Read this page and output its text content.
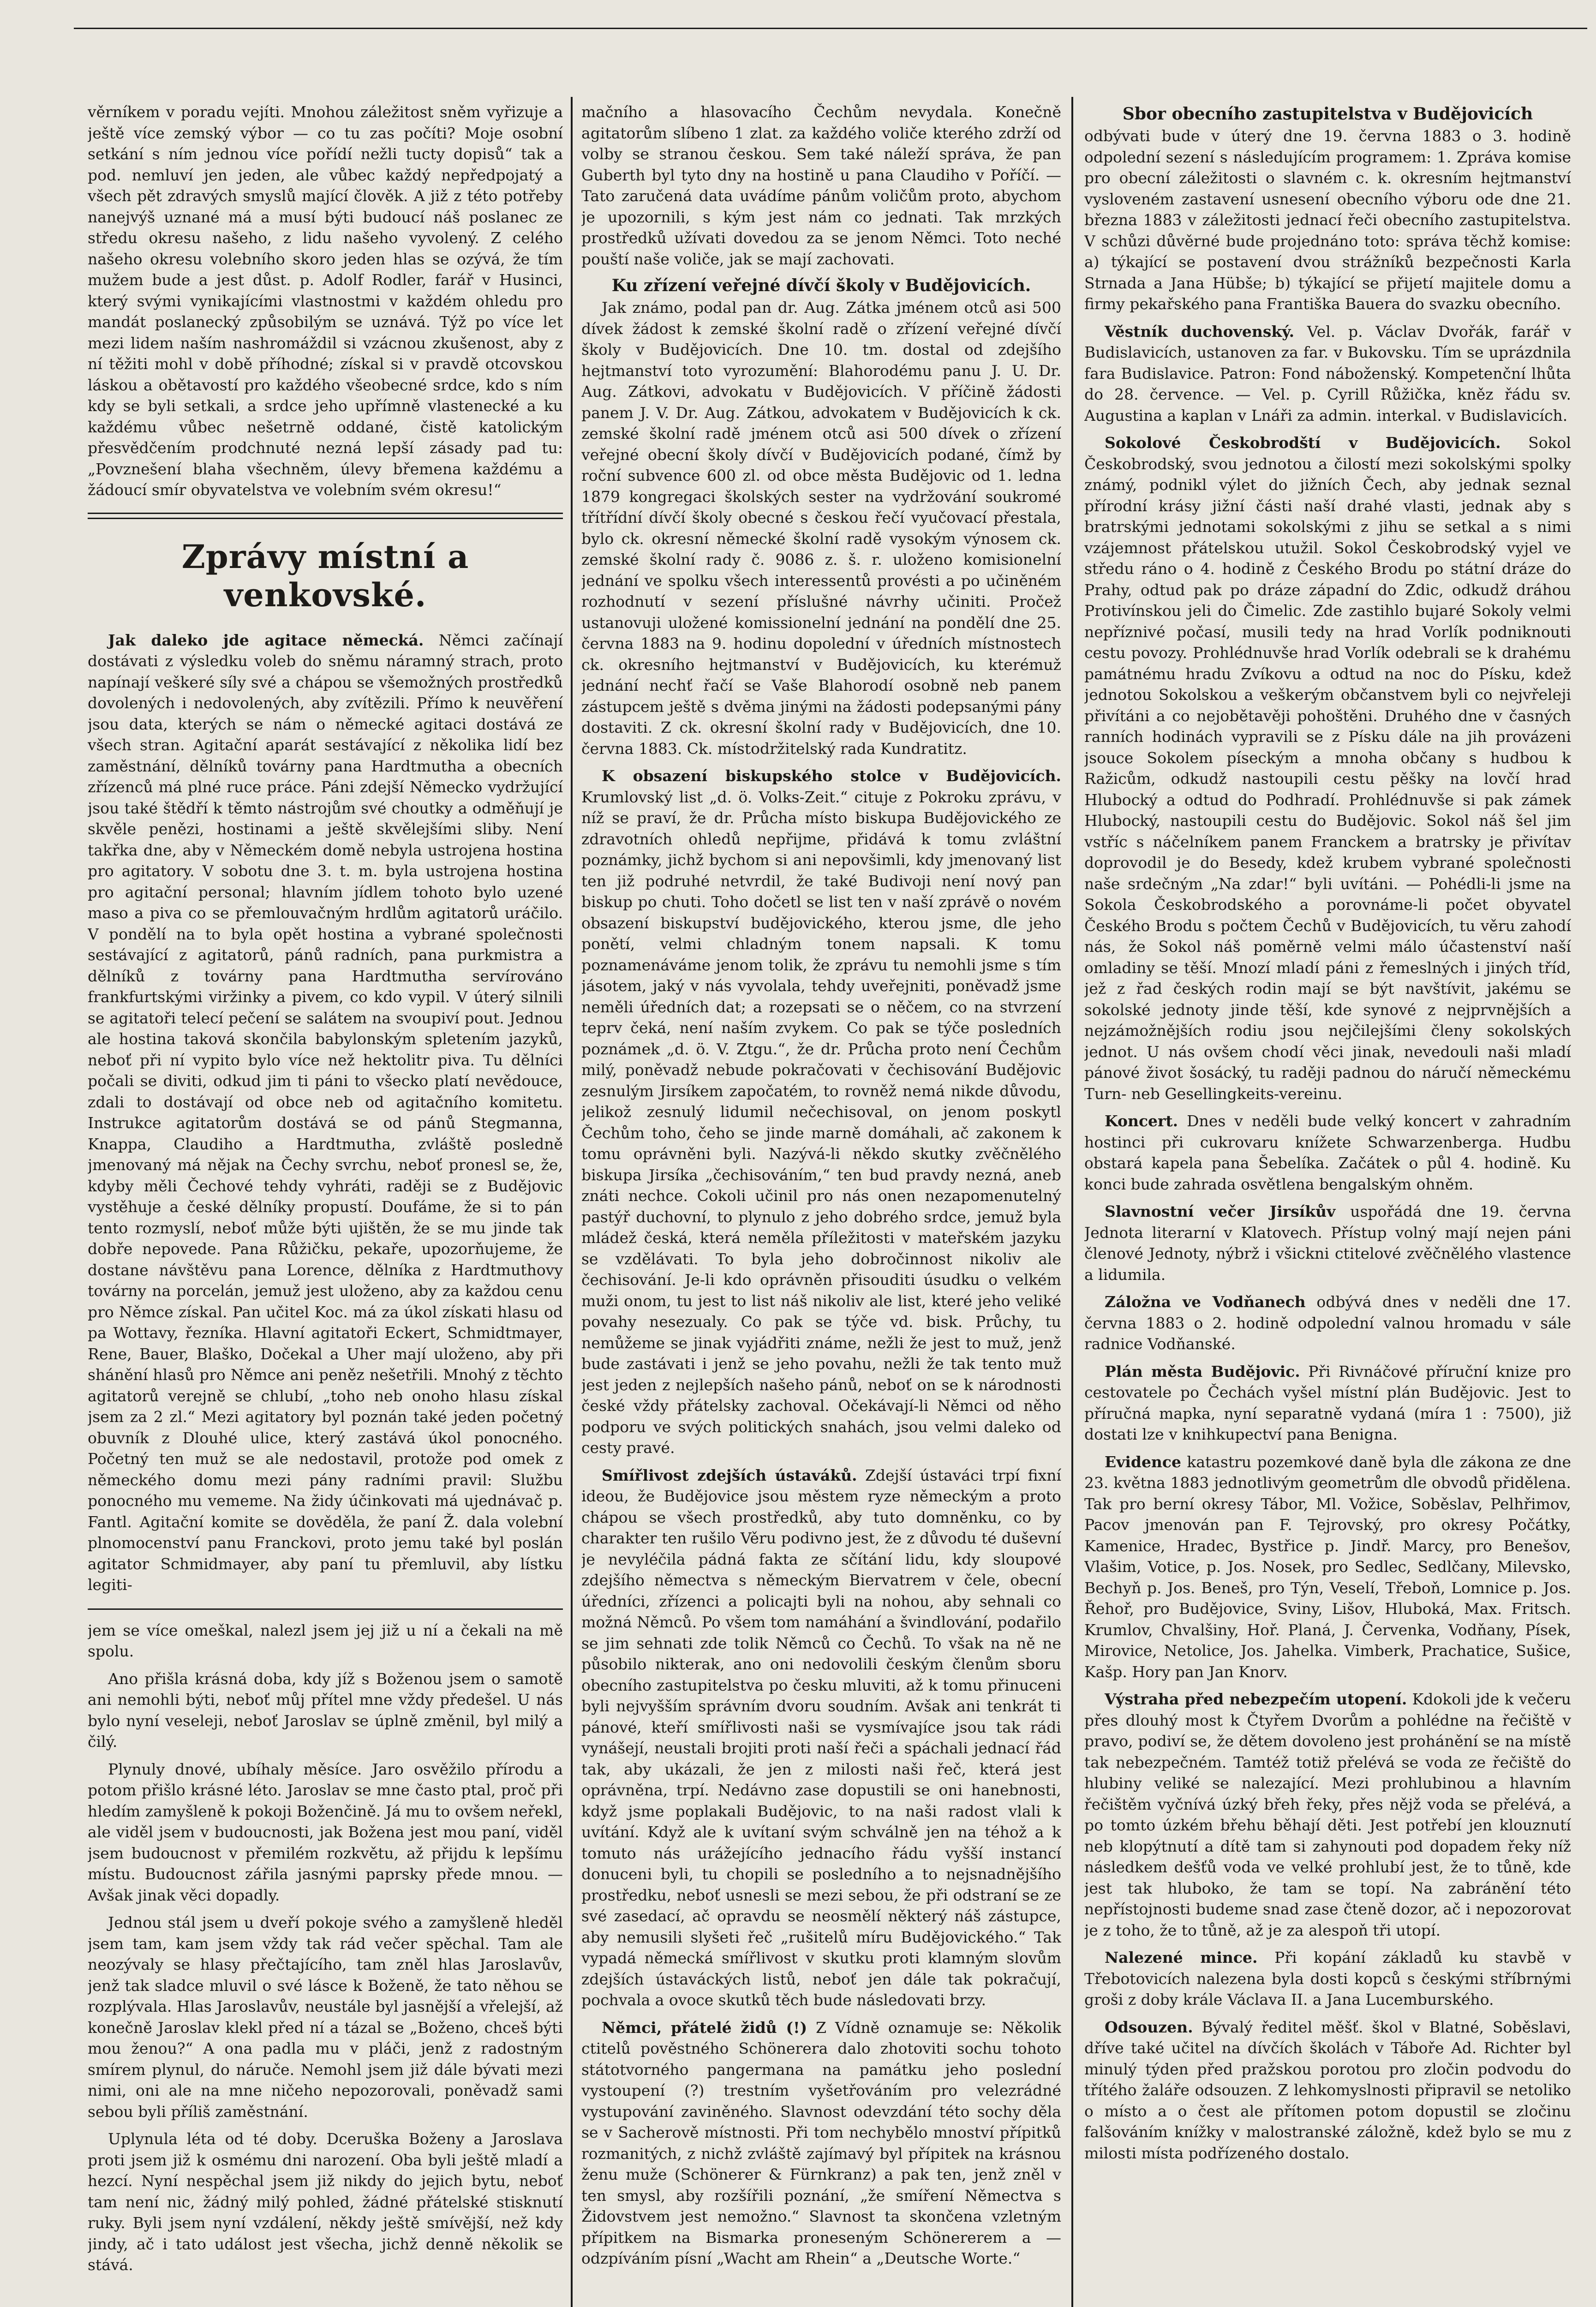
věrníkem v poradu vejíti. Mnohou záležitost sněm vyřizuje a ještě více zemský výbor — co tu zas počíti? Moje osobní setkání s ním jednou více pořídí nežli tucty dopisů“ tak a pod. nemluví jen jeden, ale vůbec každý nepředpojatý a všech pět zdravých smyslů mající člověk. A již z této potřeby nanejvýš uznané má a musí býti budoucí náš poslanec ze středu okresu našeho, z lidu našeho vyvolený. Z celého našeho okresu volebního skoro jeden hlas se ozývá, že tím mužem bude a jest důst. p. Adolf Rodler, farář v Husinci, který svými vynikajícími vlastnostmi v každém ohledu pro mandát poslanecký způsobilým se uznává. Týž po více let mezi lidem naším nashromáždil si vzácnou zkušenost, aby z ní těžiti mohl v době příhodné; získal si v pravdě otcovskou láskou a obětavostí pro každého všeobecné srdce, kdo s ním kdy se byli setkali, a srdce jeho upřímně vlastenecké a ku každému vůbec nešetrně oddané, čistě katolickým přesvědčením prodchnuté nezná lepší zásady pad tu: „Povznešení blaha všechněm, úlevy břemena každému a žádoucí smír obyvatelstva ve volebním svém okresu!“

Zprávy místní a venkovské.

Jak daleko jde agitace německá. Němci začínají dostávati z výsledku voleb do sněmu náramný strach, proto napínají veškeré síly své a chápou se všemožných prostředků dovolených i nedovolených, aby zvítězili. Přímo k neuvěření jsou data, kterých se nám o německé agitaci dostává ze všech stran. Agitační aparát sestávající z několika lidí bez zaměstnání, dělníků továrny pana Hardtmutha a obecních zřízenců má plné ruce práce. Páni zdejší Německo vydržující jsou také štědří k těmto nástrojům své choutky a odměňují je skvěle penězi, hostinami a ještě skvělejšími sliby. Není takřka dne, aby v Německém domě nebyla ustrojena hostina pro agitatory. V sobotu dne 3. t. m. byla ustrojena hostina pro agitační personal; hlavním jídlem tohoto bylo uzené maso a piva co se přemlouvačným hrdlům agitatorů uráčilo. V pondělí na to byla opět hostina a vybrané společnosti sestávající z agitatorů, pánů radních, pana purkmistra a dělníků z továrny pana Hardtmutha servírováno frankfurtskými viržinky a pivem, co kdo vypil. V úterý silnili se agitatoři telecí pečení se salátem na svoupiví pout. Jednou ale hostina taková skončila babylonským spletením jazyků, neboť při ní vypito bylo více než hektolitr piva. Tu dělníci počali se diviti, odkud jim ti páni to všecko platí nevědouce, zdali to dostávají od obce neb od agitačního komitetu. Instrukce agitatorům dostává se od pánů Stegmanna, Knappa, Claudiho a Hardtmutha, zvláště posledně jmenovaný má nějak na Čechy svrchu, neboť pronesl se, že, kdyby měli Čechové tehdy vyhráti, raději se z Budějovic vystěhuje a české dělníky propustí. Doufáme, že si to pán tento rozmyslí, neboť může býti ujištěn, že se mu jinde tak dobře nepovede. Pana Růžičku, pekaře, upozorňujeme, že dostane návštěvu pana Lorence, dělníka z Hardtmuthovy továrny na porcelán, jemuž jest uloženo, aby za každou cenu pro Němce získal. Pan učitel Koc. má za úkol získati hlasu od pa Wottavy, řezníka. Hlavní agitatoři Eckert, Schmidtmayer, Rene, Bauer, Blaško, Dočekal a Uher mají uloženo, aby při shánění hlasů pro Němce ani peněz nešetřili. Mnohý z těchto agitatorů verejně se chlubí, „toho neb onoho hlasu získal jsem za 2 zl.“ Mezi agitatory byl poznán také jeden početný obuvník z Dlouhé ulice, který zastává úkol ponocného. Početný ten muž se ale nedostavil, protože pod omek z německého domu mezi pány radními pravil: Službu ponocného mu vememe. Na židy účinkovati má ujednávač p. Fantl. Agitační komite se dověděla, že paní Ž. dala volební plnomocenství panu Franckovi, proto jemu také byl poslán agitator Schmidmayer, aby paní tu přemluvil, aby lístku legiti-

jem se více omeškal, nalezl jsem jej již u ní a čekali na mě spolu.

Ano přišla krásná doba, kdy jíž s Boženou jsem o samotě ani nemohli býti, neboť můj přítel mne vždy předešel. U nás bylo nyní veseleji, neboť Jaroslav se úplně změnil, byl milý a čilý.

Plynuly dnové, ubíhaly měsíce. Jaro osvěžilo přírodu a potom přišlo krásné léto. Jaroslav se mne často ptal, proč při hledím zamyšleně k pokoji Boženčině. Já mu to ovšem neřekl, ale viděl jsem v budoucnosti, jak Božena jest mou paní, viděl jsem budoucnost v přemilém rozkvětu, až přijdu k lepšímu místu. Budoucnost zářila jasnými paprsky přede mnou. — Avšak jinak věci dopadly.

Jednou stál jsem u dveří pokoje svého a zamyšleně hleděl jsem tam, kam jsem vždy tak rád večer spěchal. Tam ale neozývaly se hlasy přečtajícího, tam zněl hlas Jaroslavův, jenž tak sladce mluvil o své lásce k Boženě, že tato něhou se rozplývala. Hlas Jaroslavův, neustále byl jasnější a vřelejší, až konečně Jaroslav klekl před ní a tázal se „Boženo, chceš býti mou ženou?“ A ona padla mu v pláči, jenž z radostným smírem plynul, do náruče. Nemohl jsem již dále bývati mezi nimi, oni ale na mne ničeho nepozorovali, poněvadž sami sebou byli příliš zaměstnání.

Uplynula léta od té doby. Dceruška Boženy a Jaroslava proti jsem již k osmému dni narození. Oba byli ještě mladí a hezcí. Nyní nespěchal jsem již nikdy do jejich bytu, neboť tam není nic, žádný milý pohled, žádné přátelské stisknutí ruky. Byli jsem nyní vzdálení, někdy ještě smívější, než kdy jindy, ač i tato událost jest všecha, jichž denně několik se stává.

mačního a hlasovacího Čechům nevydala. Konečně agitatorům slíbeno 1 zlat. za každého voliče kterého zdrží od volby se stranou českou. Sem také náleží správa, že pan Guberth byl tyto dny na hostině u pana Claudiho v Poříčí. — Tato zaručená data uvádíme pánům voličům proto, abychom je upozornili, s kým jest nám co jednati. Tak mrzkých prostředků užívati dovedou za se jenom Němci. Toto neché pouští naše voliče, jak se mají zachovati.

Ku zřízení veřejné dívčí školy v Budějovicích.

Jak známo, podal pan dr. Aug. Zátka jménem otců asi 500 dívek žádost k zemské školní radě o zřízení veřejné dívčí školy v Budějovicích. Dne 10. tm. dostal od zdejšího hejtmanství toto vyrozumění: Blahorodému panu J. U. Dr. Aug. Zátkovi, advokatu v Budějovicích. V příčině žádosti panem J. V. Dr. Aug. Zátkou, advokatem v Budějovicích k ck. zemské školní radě jménem otců asi 500 dívek o zřízení veřejné obecní školy dívčí v Budějovicích podané, čímž by roční subvence 600 zl. od obce města Budějovic od 1. ledna 1879 kongregaci školských sester na vydržování soukromé třítřídní dívčí školy obecné s českou řečí vyučovací přestala, bylo ck. okresní německé školní radě vysokým výnosem ck. zemské školní rady č. 9086 z. š. r. uloženo komisionelní jednání ve spolku všech interessentů provésti a po učiněném rozhodnutí v sezení příslušné návrhy učiniti. Pročež ustanovuji uložené komissionelní jednání na pondělí dne 25. června 1883 na 9. hodinu dopolední v úředních místnostech ck. okresního hejtmanství v Budějovicích, ku kterémuž jednání nechť řačí se Vaše Blahorodí osobně neb panem zástupcem ještě s dvěma jinými na žádosti podepsanými pány dostaviti. Z ck. okresní školní rady v Budějovicích, dne 10. června 1883. Ck. místodržitelský rada Kundratitz.

K obsazení biskupského stolce v Budějovicích. Krumlovský list „d. ö. Volks-Zeit.“ cituje z Pokroku zprávu, v níž se praví, že dr. Průcha místo biskupa Budějovického ze zdravotních ohledů nepřijme, přidává k tomu zvláštní poznámky, jichž bychom si ani nepovšimli, kdy jmenovaný list ten již podruhé netvrdil, že také Budivoji není nový pan biskup po chuti. Toho dočetl se list ten v naší zprávě o novém obsazení biskupství budějovického, kterou jsme, dle jeho ponětí, velmi chladným tonem napsali. K tomu poznamenáváme jenom tolik, že zprávu tu nemohli jsme s tím jásotem, jaký v nás vyvolala, tehdy uveřejniti, poněvadž jsme neměli úředních dat; a rozepsati se o něčem, co na stvrzení teprv čeká, není naším zvykem. Co pak se týče posledních poznámek „d. ö. V. Ztgu.“, že dr. Průcha proto není Čechům milý, poněvadž nebude pokračovati v čechisování Budějovic zesnulým Jirsíkem započatém, to rovněž nemá nikde důvodu, jelikož zesnulý lidumil nečechisoval, on jenom poskytl Čechům toho, čeho se jinde marně domáhali, ač zakonem k tomu oprávněni byli. Nazývá-li někdo skutky zvěčnělého biskupa Jirsíka „čechisováním,“ ten bud pravdy nezná, aneb znáti nechce. Cokoli učinil pro nás onen nezapomenutelný pastýř duchovní, to plynulo z jeho dobrého srdce, jemuž byla mládež česká, která neměla příležitosti v mateřském jazyku se vzdělávati. To byla jeho dobročinnost nikoliv ale čechisování. Je-li kdo oprávněn přisouditi úsudku o velkém muži onom, tu jest to list náš nikoliv ale list, které jeho veliké povahy nesezualy. Co pak se týče vd. bisk. Průchy, tu nemůžeme se jinak vyjádřiti známe, nežli že jest to muž, jenž bude zastávati i jenž se jeho povahu, nežli že tak tento muž jest jeden z nejlepších našeho pánů, neboť on se k národnosti české vždy přátelsky zachoval. Očekávají-li Němci od něho podporu ve svých politických snahách, jsou velmi daleko od cesty pravé.

Smířlivost zdejších ústaváků. Zdejší ústaváci trpí fixní ideou, že Budějovice jsou městem ryze německým a proto chápou se všech prostředků, aby tuto domněnku, co by charakter ten rušilo Věru podivno jest, že z důvodu té duševní je nevyléčila pádná fakta ze sčítání lidu, kdy sloupové zdejšího němectva s německým Biervatrem v čele, obecní úředníci, zřízenci a policajti byli na nohou, aby sehnali co možná Němců. Po všem tom namáhání a švindlování, podařilo se jim sehnati zde tolik Němců co Čechů. To však na ně ne působilo nikterak, ano oni nedovolili českým členům sboru obecního zastupitelstva po česku mluviti, až k tomu přinuceni byli nejvyšším správním dvoru soudním. Avšak ani tenkrát ti pánové, kteří smířlivosti naši se vysmívajíce jsou tak rádi vynášejí, neustali brojiti proti naší řeči a spáchali jednací řád tak, aby ukázali, že jen z milosti naši řeč, která jest oprávněna, trpí. Nedávno zase dopustili se oni hanebnosti, když jsme poplakali Budějovic, to na naši radost vlali k uvítání. Když ale k uvítaní svým schválně jen na téhož a k tomuto nás urážejícího jednacího řádu vyšší instancí donuceni byli, tu chopili se posledního a to nejsnadnějšího prostředku, neboť usnesli se mezi sebou, že při odstraní se ze své zasedací, ač opravdu se neosmělí některý náš zástupce, aby nemusili slyšeti řeč „rušitelů míru Budějovického.“ Tak vypadá německá smířlivost v skutku proti klamným slovům zdejších ústaváckých listů, neboť jen dále tak pokračují, pochvala a ovoce skutků těch bude následovati brzy.

Němci, přátelé židů (!) Z Vídně oznamuje se: Několik ctitelů pověstného Schönerera dalo zhotoviti sochu tohoto státotvorného pangermana na památku jeho poslední vystoupení (?) trestním vyšetřováním pro velezrádné vystupování zaviněného. Slavnost odevzdání této sochy děla se v Sacherově místnosti. Při tom nechybělo mnoství přípitků rozmanitých, z nichž zvláště zajímavý byl přípitek na krásnou ženu muže (Schönerer & Fürnkranz) a pak ten, jenž zněl v ten smysl, aby rozšířili poznání, „že smíření Němectva s Židovstvem jest nemožno.“ Slavnost ta skončena vzletným přípitkem na Bismarka proneseným Schönererem a — odzpíváním písní „Wacht am Rhein“ a „Deutsche Worte.“

Sbor obecního zastupitelstva v Budějovicích

odbývati bude v úterý dne 19. června 1883 o 3. hodině odpolední sezení s následujícím programem: 1. Zpráva komise pro obecní záležitosti o slavném c. k. okresním hejtmanství vysloveném zastavení usnesení obecního výboru ode dne 21. března 1883 v záležitosti jednací řeči obecního zastupitelstva. V schůzi důvěrné bude projednáno toto: správa těchž komise: a) týkající se postavení dvou strážníků bezpečnosti Karla Strnada a Jana Hübše; b) týkající se přijetí majitele domu a firmy pekařského pana Františka Bauera do svazku obecního.

Věstník duchovenský. Vel. p. Václav Dvořák, farář v Budislavicích, ustanoven za far. v Bukovsku. Tím se uprázdnila fara Budislavice. Patron: Fond náboženský. Kompetenční lhůta do 28. července. — Vel. p. Cyrill Růžička, kněz řádu sv. Augustina a kaplan v Lnáři za admin. interkal. v Budislavicích.

Sokolové Českobrodští v Budějovicích. Sokol Českobrodský, svou jednotou a čilostí mezi sokolskými spolky známý, podnikl výlet do jižních Čech, aby jednak seznal přírodní krásy jižní části naší drahé vlasti, jednak aby s bratrskými jednotami sokolskými z jihu se setkal a s nimi vzájemnost přátelskou utužil. Sokol Českobrodský vyjel ve středu ráno o 4. hodině z Českého Brodu po státní dráze do Prahy, odtud pak po dráze západní do Zdic, odkudž dráhou Protivínskou jeli do Čimelic. Zde zastihlo bujaré Sokoly velmi nepříznivé počasí, musili tedy na hrad Vorlík podniknouti cestu povozy. Prohlédnuvše hrad Vorlík odebrali se k drahému památnému hradu Zvíkovu a odtud na noc do Písku, kdež jednotou Sokolskou a veškerým občanstvem byli co nejvřeleji přivítáni a co nejobětavěji pohoštěni. Druhého dne v časných ranních hodinách vypravili se z Písku dále na jih provázeni jsouce Sokolem píseckým a mnoha občany s hudbou k Ražicům, odkudž nastoupili cestu pěšky na lovčí hrad Hlubocký a odtud do Podhradí. Prohlédnuvše si pak zámek Hlubocký, nastoupili cestu do Budějovic. Sokol náš šel jim vstříc s náčelníkem panem Franckem a bratrsky je přivítav doprovodil je do Besedy, kdež krubem vybrané společnosti naše srdečným „Na zdar!“ byli uvítáni. — Pohédli-li jsme na Sokola Českobrodského a porovnáme-li počet obyvatel Českého Brodu s počtem Čechů v Budějovicích, tu věru zahodí nás, že Sokol náš poměrně velmi málo účastenství naší omladiny se těší. Mnozí mladí páni z řemeslných i jiných tříd, jež z řad českých rodin mají se být navštívit, jakému se sokolské jednoty jinde těší, kde synové z nejprvnějších a nejzámožnějších rodiu jsou nejčilejšími členy sokolských jednot. U nás ovšem chodí věci jinak, nevedouli naši mladí pánové život šosácký, tu raději padnou do náručí německému Turn- neb Gesellingkeits-vereinu.

Koncert. Dnes v neděli bude velký koncert v zahradním hostinci při cukrovaru knížete Schwarzenberga. Hudbu obstará kapela pana Šebelíka. Začátek o půl 4. hodině. Ku konci bude zahrada osvětlena bengalským ohněm.

Slavnostní večer Jirsíkův uspořádá dne 19. června Jednota literarní v Klatovech. Přístup volný mají nejen páni členové Jednoty, nýbrž i všickni ctitelové zvěčnělého vlastence a lidumila.

Záložna ve Vodňanech odbývá dnes v neděli dne 17. června 1883 o 2. hodině odpolední valnou hromadu v sále radnice Vodňanské.

Plán města Budějovic. Při Rivnáčové příruční knize pro cestovatele po Čechách vyšel místní plán Budějovic. Jest to příručná mapka, nyní separatně vydaná (míra 1 : 7500), již dostati lze v knihkupectví pana Benigna.

Evidence katastru pozemkové daně byla dle zákona ze dne 23. května 1883 jednotlivým geometrům dle obvodů přidělena. Tak pro berní okresy Tábor, Ml. Vožice, Soběslav, Pelhřimov, Pacov jmenován pan F. Tejrovský, pro okresy Počátky, Kamenice, Hradec, Bystřice p. Jindř. Marcy, pro Benešov, Vlašim, Votice, p. Jos. Nosek, pro Sedlec, Sedlčany, Milevsko, Bechyň p. Jos. Beneš, pro Týn, Veselí, Třeboň, Lomnice p. Jos. Řehoř, pro Budějovice, Sviny, Lišov, Hluboká, Max. Fritsch. Krumlov, Chvalšiny, Hoř. Planá, J. Červenka, Vodňany, Písek, Mirovice, Netolice, Jos. Jahelka. Vimberk, Prachatice, Sušice, Kašp. Hory pan Jan Knorv.

Výstraha před nebezpečím utopení. Kdokoli jde k večeru přes dlouhý most k Čtyřem Dvorům a pohlédne na řečiště v pravo, podiví se, že dětem dovoleno jest prohánění se na místě tak nebezpečném. Tamtéž totiž přelévá se voda ze řečiště do hlubiny veliké se nalezající. Mezi prohlubinou a hlavním řečištěm vyčnívá úzký břeh řeky, přes nějž voda se přelévá, a po tomto úzkém břehu běhají děti. Jest potřebí jen klouznutí neb klopýtnutí a dítě tam si zahynouti pod dopadem řeky níž následkem dešťů voda ve velké prohlubí jest, že to tůně, kde jest tak hluboko, že tam se topí. Na zabránění této nepřístojnosti budeme snad zase čteně dozor, ač i nepozorovat je z toho, že to tůně, až je za alespoň tři utopí.

Nalezené mince. Při kopání základů ku stavbě v Třebotovicích nalezena byla dosti kopců s českými stříbrnými groši z doby krále Václava II. a Jana Lucemburského.

Odsouzen. Bývalý ředitel měšť. škol v Blatné, Soběslavi, dříve také učitel na dívčích školách v Táboře Ad. Richter byl minulý týden před pražskou porotou pro zločin podvodu do třítého žaláře odsouzen. Z lehkomyslnosti připravil se netoliko o místo a o čest ale přítomen potom dopustil se zločinu falšováním knížky v malostranské záložně, kdež bylo se mu z milosti místa podřízeného dostalo.
